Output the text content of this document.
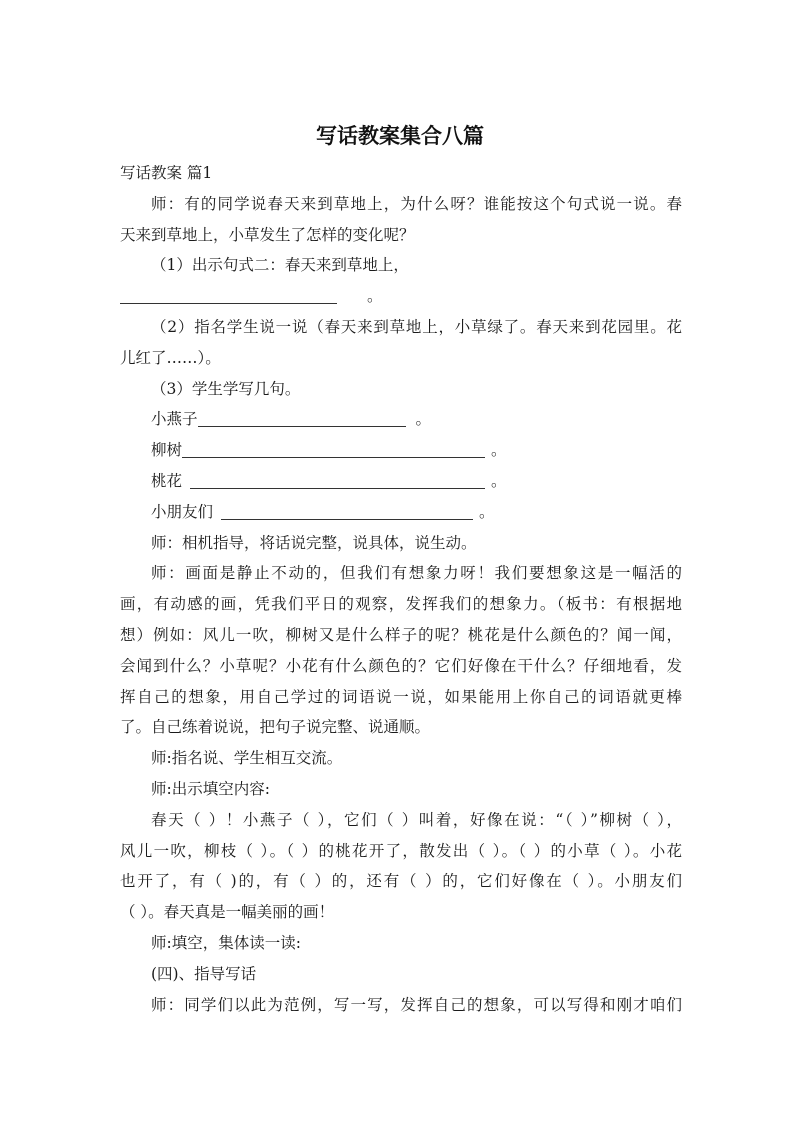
写话教案集合八篇
写话教案 篇1
师：有的同学说春天来到草地上，为什么呀？谁能按这个句式说一说。春
天来到草地上，小草发生了怎样的变化呢？
（1）出示句式二：春天来到草地上，
。
（2）指名学生说一说（春天来到草地上，小草绿了。春天来到花园里。花
儿红了……）。
（3）学生学写几句。
小燕子	。
柳树	。
桃花	。
小朋友们	。
师：相机指导，将话说完整，说具体，说生动。
师：画面是静止不动的，但我们有想象力呀！我们要想象这是一幅活的
画，有动感的画，凭我们平日的观察，发挥我们的想象力。（板书：有根据地
想）例如：风儿一吹，柳树又是什么样子的呢？桃花是什么颜色的？闻一闻，
会闻到什么？小草呢？小花有什么颜色的？它们好像在干什么？仔细地看，发
挥自己的想象，用自己学过的词语说一说，如果能用上你自己的词语就更棒
了。自己练着说说，把句子说完整、说通顺。
师:指名说、学生相互交流。
师:出示填空内容:
春天（ ）！小燕子（ ），它们（ ）叫着，好像在说：“（ ）”柳树（ ），
风儿一吹，柳枝（ ）。（ ）的桃花开了，散发出（ ）。（ ）的小草（ ）。小花
也开了，有（ )的，有（ ）的，还有（ ）的，它们好像在（ ）。小朋友们
（ ）。春天真是一幅美丽的画！
师:填空，集体读一读:
(四)、指导写话
师：同学们以此为范例，写一写，发挥自己的想象，可以写得和刚才咱们
